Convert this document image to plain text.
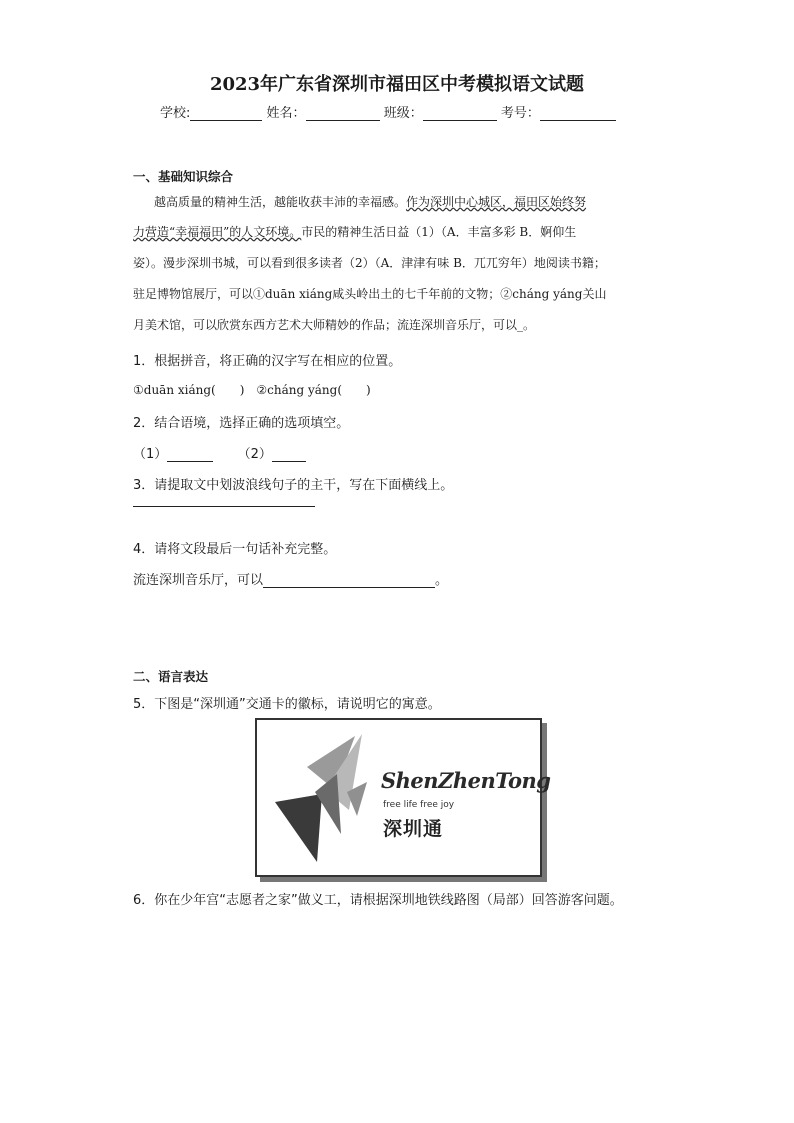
2023年广东省深圳市福田区中考模拟语文试题
学校:	姓名：	班级：	考号：
一、基础知识综合
越高质量的精神生活，越能收获丰沛的幸福感。作为深圳中心城区，福田区始终努
力营造“幸福福田”的人文环境。市民的精神生活日益（1）（A．丰富多彩 B．婀仰生
姿）。漫步深圳书城，可以看到很多读者（2）（A．津津有味 B．兀兀穷年）地阅读书籍；
驻足博物馆展厅，可以①duān xiáng咸头岭出土的七千年前的文物；②cháng yáng关山
月美术馆，可以欣赏东西方艺术大师精妙的作品；流连深圳音乐厅，可以_。
1．根据拼音，将正确的汉字写在相应的位置。
①duān xiáng(　　)　②cháng yáng(　　)
2．结合语境，选择正确的选项填空。
（1）	（2）
3．请提取文中划波浪线句子的主干，写在下面横线上。
4．请将文段最后一句话补充完整。
流连深圳音乐厅，可以	。
二、语言表达
5．下图是“深圳通”交通卡的徽标，请说明它的寓意。
ShenZhenTong
free life free joy
深圳通
6．你在少年宫“志愿者之家”做义工，请根据深圳地铁线路图（局部）回答游客问题。
